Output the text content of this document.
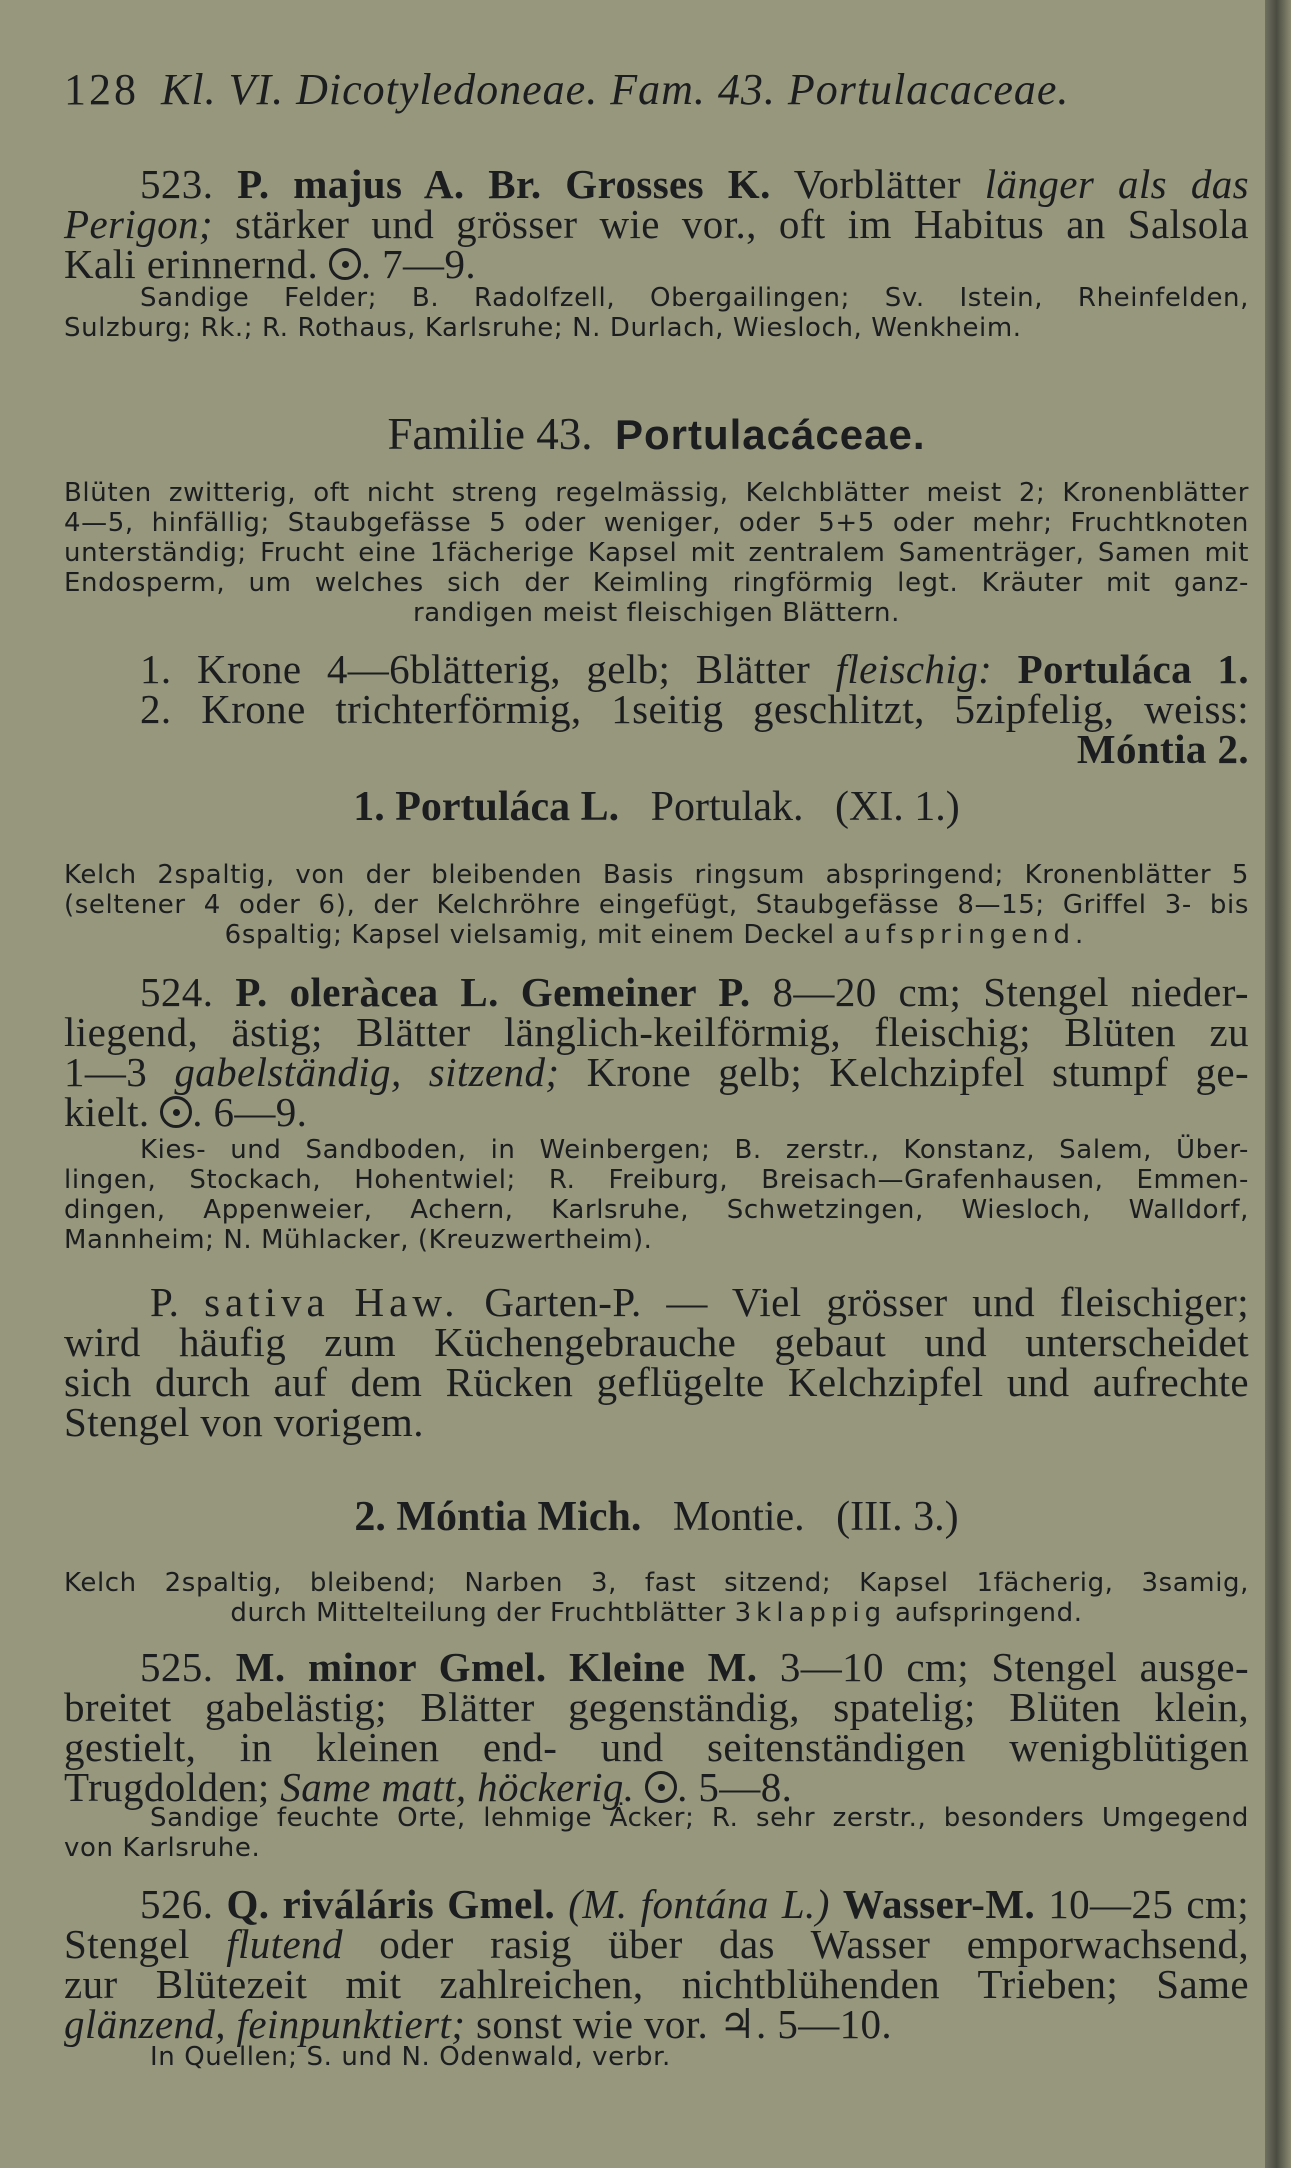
128 Kl. VI. Dicotyledoneae. Fam. 43. Portulacaceae.
523. P. majus A. Br. Grosses K. Vorblätter länger als das
Perigon; stärker und grösser wie vor., oft im Habitus an Salsola
Kali erinnernd. . 7—9.
Sandige Felder; B. Radolfzell, Obergailingen; Sv. Istein, Rheinfelden,
Sulzburg; Rk.; R. Rothaus, Karlsruhe; N. Durlach, Wiesloch, Wenkheim.
Familie 43. Portulacáceae.
Blüten zwitterig, oft nicht streng regelmässig, Kelchblätter meist 2; Kronenblätter
4—5, hinfällig; Staubgefässe 5 oder weniger, oder 5+5 oder mehr; Fruchtknoten
unterständig; Frucht eine 1fächerige Kapsel mit zentralem Samenträger, Samen mit
Endosperm, um welches sich der Keimling ringförmig legt. Kräuter mit ganz-
randigen meist fleischigen Blättern.
1. Krone 4—6blätterig, gelb; Blätter fleischig: Portuláca 1.
2. Krone trichterförmig, 1seitig geschlitzt, 5zipfelig, weiss:
Móntia 2.
1. Portuláca L. Portulak. (XI. 1.)
Kelch 2spaltig, von der bleibenden Basis ringsum abspringend; Kronenblätter 5
(seltener 4 oder 6), der Kelchröhre eingefügt, Staubgefässe 8—15; Griffel 3- bis
6spaltig; Kapsel vielsamig, mit einem Deckel aufspringend.
524. P. oleràcea L. Gemeiner P. 8—20 cm; Stengel nieder-
liegend, ästig; Blätter länglich-keilförmig, fleischig; Blüten zu
1—3 gabelständig, sitzend; Krone gelb; Kelchzipfel stumpf ge-
kielt. . 6—9.
Kies- und Sandboden, in Weinbergen; B. zerstr., Konstanz, Salem, Über-
lingen, Stockach, Hohentwiel; R. Freiburg, Breisach—Grafenhausen, Emmen-
dingen, Appenweier, Achern, Karlsruhe, Schwetzingen, Wiesloch, Walldorf,
Mannheim; N. Mühlacker, (Kreuzwertheim).
P. sativa Haw. Garten-P. — Viel grösser und fleischiger;
wird häufig zum Küchengebrauche gebaut und unterscheidet
sich durch auf dem Rücken geflügelte Kelchzipfel und aufrechte
Stengel von vorigem.
2. Móntia Mich. Montie. (III. 3.)
Kelch 2spaltig, bleibend; Narben 3, fast sitzend; Kapsel 1fächerig, 3samig,
durch Mittelteilung der Fruchtblätter 3klappig aufspringend.
525. M. minor Gmel. Kleine M. 3—10 cm; Stengel ausge-
breitet gabelästig; Blätter gegenständig, spatelig; Blüten klein,
gestielt, in kleinen end- und seitenständigen wenigblütigen
Trugdolden; Same matt, höckerig. . 5—8.
Sandige feuchte Orte, lehmige Äcker; R. sehr zerstr., besonders Umgegend
von Karlsruhe.
526. Q. riváláris Gmel. (M. fontána L.) Wasser-M. 10—25 cm;
Stengel flutend oder rasig über das Wasser emporwachsend,
zur Blütezeit mit zahlreichen, nichtblühenden Trieben; Same
glänzend, feinpunktiert; sonst wie vor. ♃. 5—10.
In Quellen; S. und N. Odenwald, verbr.
